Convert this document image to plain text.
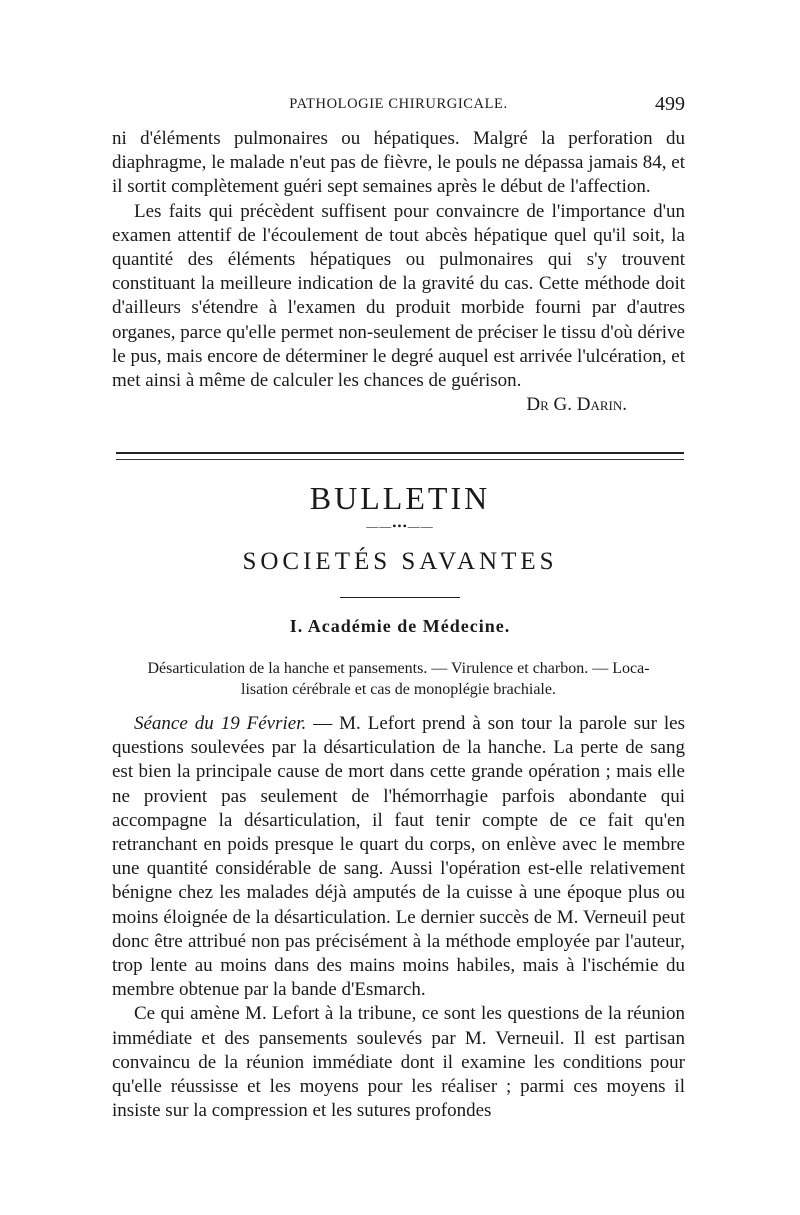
PATHOLOGIE CHIRURGICALE.	499

ni d'éléments pulmonaires ou hépatiques. Malgré la perforation du diaphragme, le malade n'eut pas de fièvre, le pouls ne dépassa jamais 84, et il sortit complètement guéri sept semaines après le début de l'affection.

Les faits qui précèdent suffisent pour convaincre de l'importance d'un examen attentif de l'écoulement de tout abcès hépatique quel qu'il soit, la quantité des éléments hépatiques ou pulmonaires qui s'y trouvent constituant la meilleure indication de la gravité du cas. Cette méthode doit d'ailleurs s'étendre à l'examen du produit morbide fourni par d'autres organes, parce qu'elle permet non-seulement de préciser le tissu d'où dérive le pus, mais encore de déterminer le degré auquel est arrivée l'ulcération, et met ainsi à même de calculer les chances de guérison.

Dr G. Darin.
BULLETIN
——•••——
SOCIETÉS SAVANTES
I. Académie de Médecine.
Désarticulation de la hanche et pansements. — Virulence et charbon. — Loca-
lisation cérébrale et cas de monoplégie brachiale.

Séance du 19 Février. — M. Lefort prend à son tour la parole sur les questions soulevées par la désarticulation de la hanche. La perte de sang est bien la principale cause de mort dans cette grande opération ; mais elle ne provient pas seulement de l'hémorrhagie parfois abondante qui accompagne la désarticulation, il faut tenir compte de ce fait qu'en retranchant en poids presque le quart du corps, on enlève avec le membre une quantité considérable de sang. Aussi l'opération est-elle relativement bénigne chez les malades déjà amputés de la cuisse à une époque plus ou moins éloignée de la désarticulation. Le dernier succès de M. Verneuil peut donc être attribué non pas précisément à la méthode employée par l'auteur, trop lente au moins dans des mains moins habiles, mais à l'ischémie du membre obtenue par la bande d'Esmarch.

Ce qui amène M. Lefort à la tribune, ce sont les questions de la réunion immédiate et des pansements soulevés par M. Verneuil. Il est partisan convaincu de la réunion immédiate dont il examine les conditions pour qu'elle réussisse et les moyens pour les réaliser ; parmi ces moyens il insiste sur la compression et les sutures profondes
